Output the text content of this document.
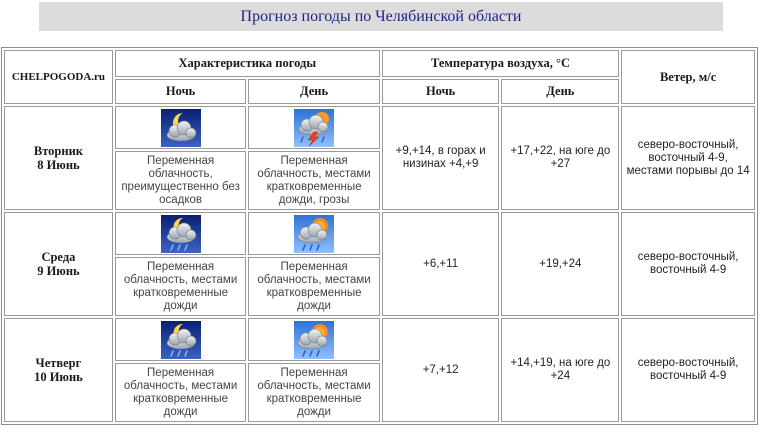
Прогноз погоды по Челябинской области
CHELPOGODA.ru	Характеристика погоды		Температура воздуха, °С		Ветер, м/с
	Ночь	День	Ночь	День	

Вторник
8 Июнь			+9,+14, в горах и низинах +4,+9	+17,+22, на юге до +27	северо-восточный, восточный 4-9, местами порывы до 14
	Переменная облачность, преимущественно без осадков	Переменная облачность, местами кратковременные дожди, грозы			

Среда
9 Июнь			+6,+11	+19,+24	северо-восточный, восточный 4-9
	Переменная облачность, местами кратковременные дожди	Переменная облачность, местами кратковременные дожди			

Четверг
10 Июнь			+7,+12	+14,+19, на юге до +24	северо-восточный, восточный 4-9
	Переменная облачность, местами кратковременные дожди	Переменная облачность, местами кратковременные дожди			
